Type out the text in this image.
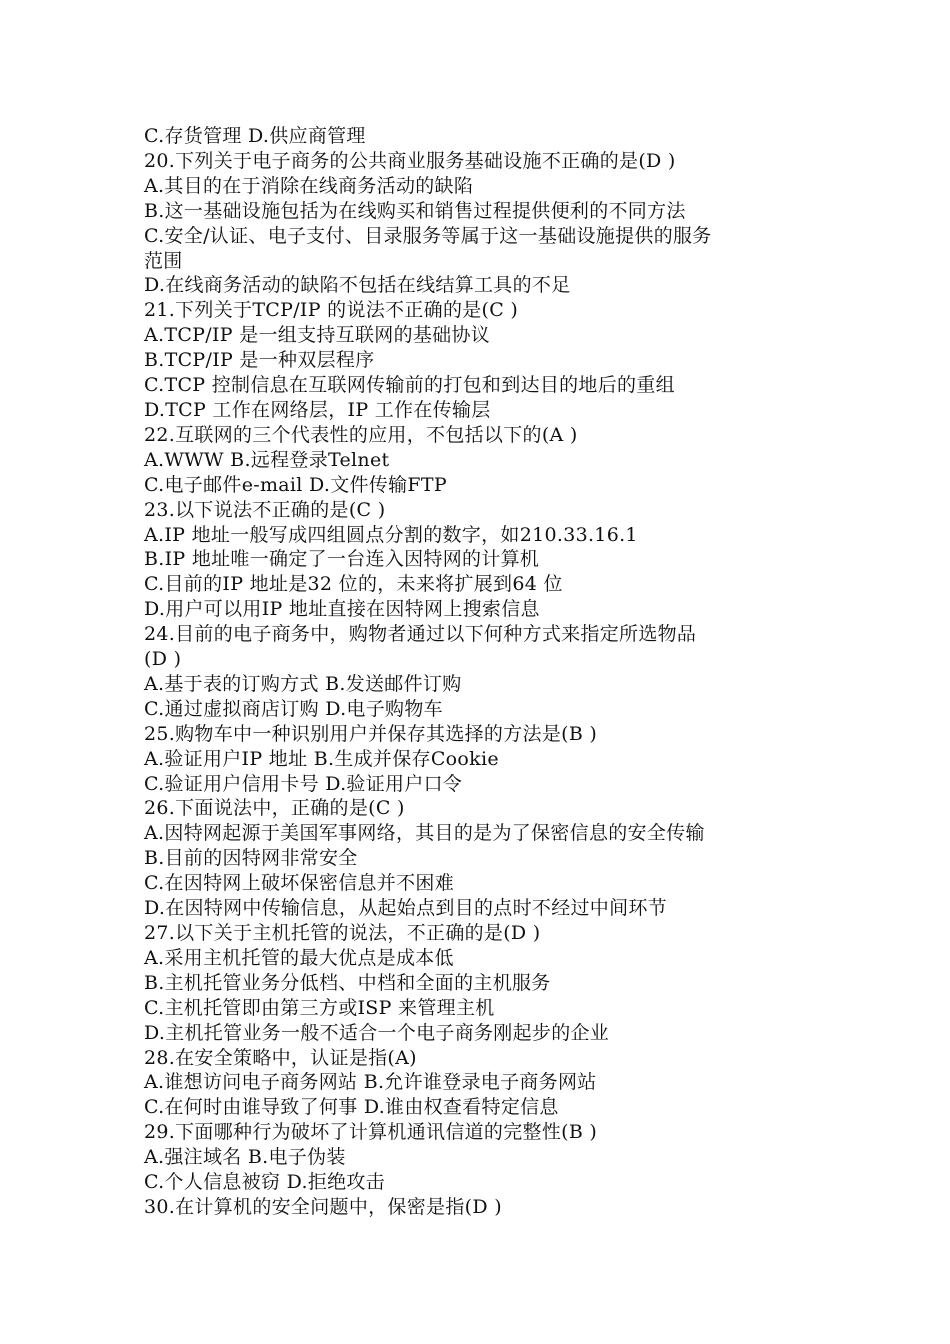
C.存货管理 D.供应商管理
20.下列关于电子商务的公共商业服务基础设施不正确的是(D )
A.其目的在于消除在线商务活动的缺陷
B.这一基础设施包括为在线购买和销售过程提供便利的不同方法
C.安全/认证、电子支付、目录服务等属于这一基础设施提供的服务
范围
D.在线商务活动的缺陷不包括在线结算工具的不足
21.下列关于TCP/IP 的说法不正确的是(C )
A.TCP/IP 是一组支持互联网的基础协议
B.TCP/IP 是一种双层程序
C.TCP 控制信息在互联网传输前的打包和到达目的地后的重组
D.TCP 工作在网络层，IP 工作在传输层
22.互联网的三个代表性的应用，不包括以下的(A )
A.WWW B.远程登录Telnet
C.电子邮件e-mail D.文件传输FTP
23.以下说法不正确的是(C )
A.IP 地址一般写成四组圆点分割的数字，如210.33.16.1
B.IP 地址唯一确定了一台连入因特网的计算机
C.目前的IP 地址是32 位的，未来将扩展到64 位
D.用户可以用IP 地址直接在因特网上搜索信息
24.目前的电子商务中，购物者通过以下何种方式来指定所选物品
(D )
A.基于表的订购方式 B.发送邮件订购
C.通过虚拟商店订购 D.电子购物车
25.购物车中一种识别用户并保存其选择的方法是(B )
A.验证用户IP 地址 B.生成并保存Cookie
C.验证用户信用卡号 D.验证用户口令
26.下面说法中，正确的是(C )
A.因特网起源于美国军事网络，其目的是为了保密信息的安全传输
B.目前的因特网非常安全
C.在因特网上破坏保密信息并不困难
D.在因特网中传输信息，从起始点到目的点时不经过中间环节
27.以下关于主机托管的说法，不正确的是(D )
A.采用主机托管的最大优点是成本低
B.主机托管业务分低档、中档和全面的主机服务
C.主机托管即由第三方或ISP 来管理主机
D.主机托管业务一般不适合一个电子商务刚起步的企业
28.在安全策略中，认证是指(A)
A.谁想访问电子商务网站 B.允许谁登录电子商务网站
C.在何时由谁导致了何事 D.谁由权查看特定信息
29.下面哪种行为破坏了计算机通讯信道的完整性(B )
A.强注域名 B.电子伪装
C.个人信息被窃 D.拒绝攻击
30.在计算机的安全问题中，保密是指(D )
